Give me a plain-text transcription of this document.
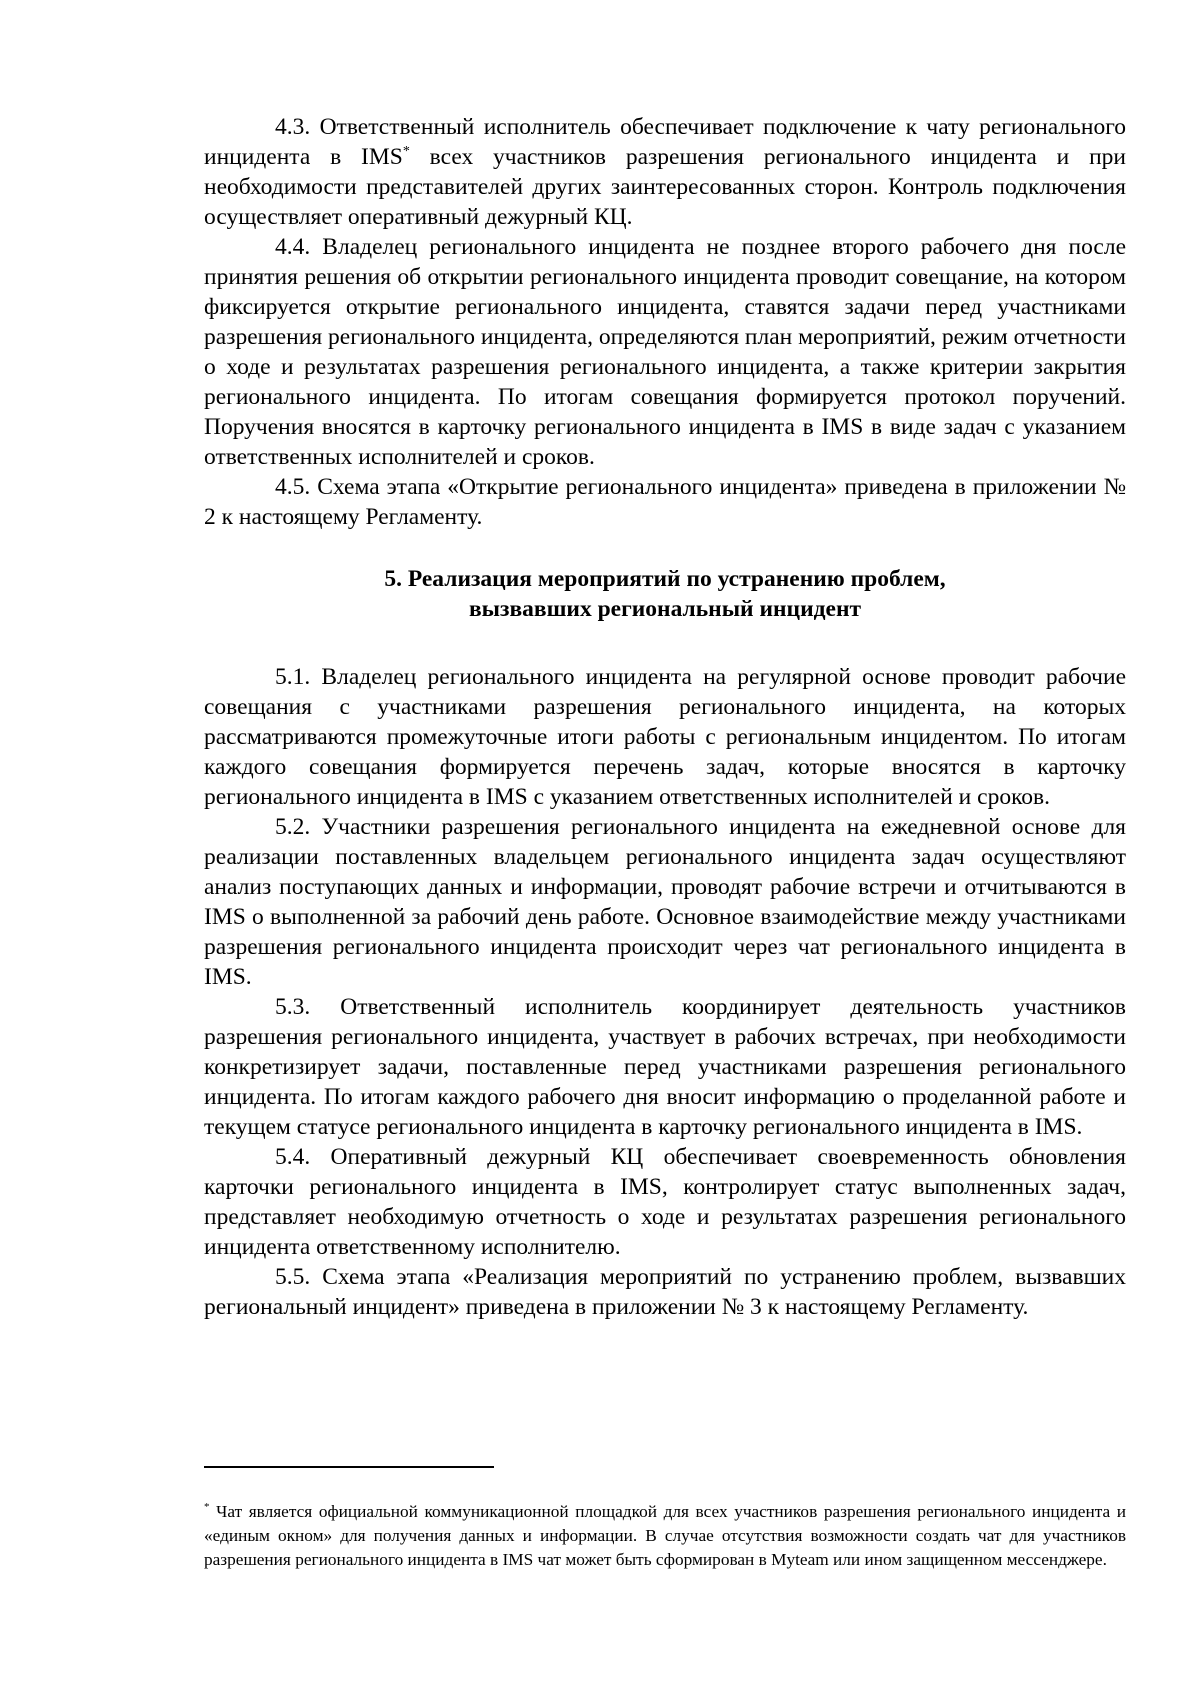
4.3. Ответственный исполнитель обеспечивает подключение к чату регионального инцидента в IMS* всех участников разрешения регионального инцидента и при необходимости представителей других заинтересованных сторон. Контроль подключения осуществляет оперативный дежурный КЦ.

4.4. Владелец регионального инцидента не позднее второго рабочего дня после принятия решения об открытии регионального инцидента проводит совещание, на котором фиксируется открытие регионального инцидента, ставятся задачи перед участниками разрешения регионального инцидента, определяются план мероприятий, режим отчетности о ходе и результатах разрешения регионального инцидента, а также критерии закрытия регионального инцидента. По итогам совещания формируется протокол поручений. Поручения вносятся в карточку регионального инцидента в IMS в виде задач с указанием ответственных исполнителей и сроков.

4.5. Схема этапа «Открытие регионального инцидента» приведена в приложении № 2 к настоящему Регламенту.

5. Реализация мероприятий по устранению проблем,
вызвавших региональный инцидент

5.1. Владелец регионального инцидента на регулярной основе проводит рабочие совещания с участниками разрешения регионального инцидента, на которых рассматриваются промежуточные итоги работы с региональным инцидентом. По итогам каждого совещания формируется перечень задач, которые вносятся в карточку регионального инцидента в IMS с указанием ответственных исполнителей и сроков.

5.2. Участники разрешения регионального инцидента на ежедневной основе для реализации поставленных владельцем регионального инцидента задач осуществляют анализ поступающих данных и информации, проводят рабочие встречи и отчитываются в IMS о выполненной за рабочий день работе. Основное взаимодействие между участниками разрешения регионального инцидента происходит через чат регионального инцидента в IMS.

5.3. Ответственный исполнитель координирует деятельность участников разрешения регионального инцидента, участвует в рабочих встречах, при необходимости конкретизирует задачи, поставленные перед участниками разрешения регионального инцидента. По итогам каждого рабочего дня вносит информацию о проделанной работе и текущем статусе регионального инцидента в карточку регионального инцидента в IMS.

5.4. Оперативный дежурный КЦ обеспечивает своевременность обновления карточки регионального инцидента в IMS, контролирует статус выполненных задач, представляет необходимую отчетность о ходе и результатах разрешения регионального инцидента ответственному исполнителю.

5.5. Схема этапа «Реализация мероприятий по устранению проблем, вызвавших региональный инцидент» приведена в приложении № 3 к настоящему Регламенту.

* Чат является официальной коммуникационной площадкой для всех участников разрешения регионального инцидента и «единым окном» для получения данных и информации. В случае отсутствия возможности создать чат для участников разрешения регионального инцидента в IMS чат может быть сформирован в Myteam или ином защищенном мессенджере.
